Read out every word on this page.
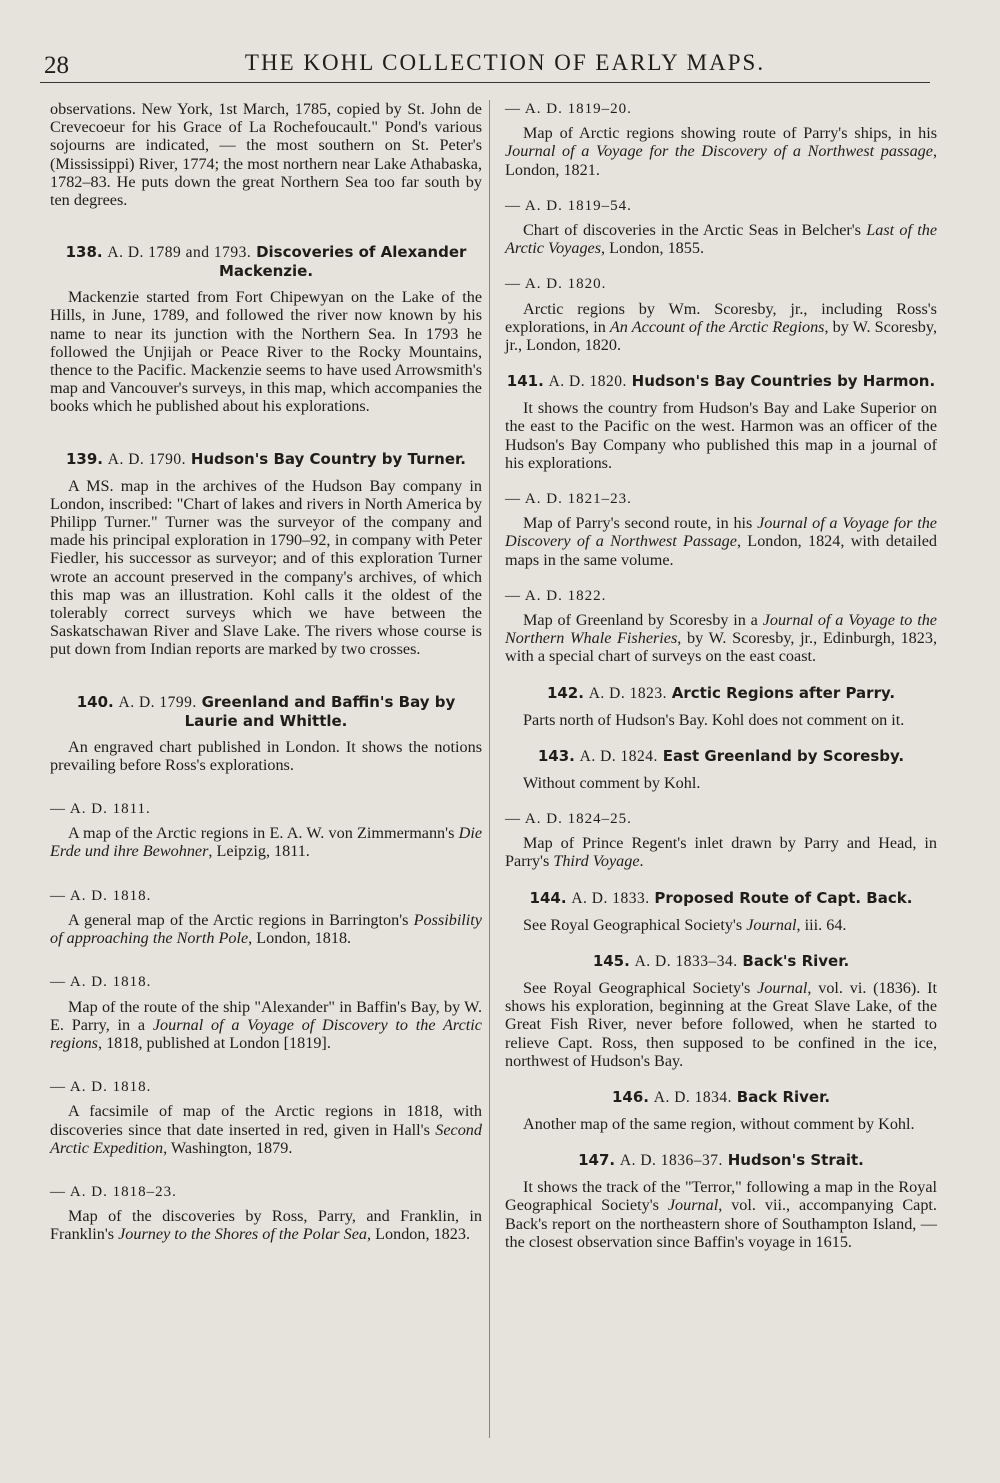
28	THE KOHL COLLECTION OF EARLY MAPS.

observations. New York, 1st March, 1785, copied by St. John de Crevecoeur for his Grace of La Rochefoucault." Pond's various sojourns are indicated, — the most southern on St. Peter's (Mississippi) River, 1774; the most northern near Lake Athabaska, 1782–83. He puts down the great Northern Sea too far south by ten degrees.

138. A. D. 1789 and 1793. Discoveries of Alexander Mackenzie.

Mackenzie started from Fort Chipewyan on the Lake of the Hills, in June, 1789, and followed the river now known by his name to near its junction with the Northern Sea. In 1793 he followed the Unjijah or Peace River to the Rocky Mountains, thence to the Pacific. Mackenzie seems to have used Arrowsmith's map and Vancouver's surveys, in this map, which accompanies the books which he published about his explorations.

139. A. D. 1790. Hudson's Bay Country by Turner.

A MS. map in the archives of the Hudson Bay company in London, inscribed: "Chart of lakes and rivers in North America by Philipp Turner." Turner was the surveyor of the company and made his principal exploration in 1790–92, in company with Peter Fiedler, his successor as surveyor; and of this exploration Turner wrote an account preserved in the company's archives, of which this map was an illustration. Kohl calls it the oldest of the tolerably correct surveys which we have between the Saskatschawan River and Slave Lake. The rivers whose course is put down from Indian reports are marked by two crosses.

140. A. D. 1799. Greenland and Baffin's Bay by Laurie and Whittle.

An engraved chart published in London. It shows the notions prevailing before Ross's explorations.

— A. D. 1811.

A map of the Arctic regions in E. A. W. von Zimmermann's Die Erde und ihre Bewohner, Leipzig, 1811.

— A. D. 1818.

A general map of the Arctic regions in Barrington's Possibility of approaching the North Pole, London, 1818.

— A. D. 1818.

Map of the route of the ship "Alexander" in Baffin's Bay, by W. E. Parry, in a Journal of a Voyage of Discovery to the Arctic regions, 1818, published at London [1819].

— A. D. 1818.

A facsimile of map of the Arctic regions in 1818, with discoveries since that date inserted in red, given in Hall's Second Arctic Expedition, Washington, 1879.

— A. D. 1818–23.

Map of the discoveries by Ross, Parry, and Franklin, in Franklin's Journey to the Shores of the Polar Sea, London, 1823.

— A. D. 1819–20.

Map of Arctic regions showing route of Parry's ships, in his Journal of a Voyage for the Discovery of a Northwest passage, London, 1821.

— A. D. 1819–54.

Chart of discoveries in the Arctic Seas in Belcher's Last of the Arctic Voyages, London, 1855.

— A. D. 1820.

Arctic regions by Wm. Scoresby, jr., including Ross's explorations, in An Account of the Arctic Regions, by W. Scoresby, jr., London, 1820.

141. A. D. 1820. Hudson's Bay Countries by Harmon.

It shows the country from Hudson's Bay and Lake Superior on the east to the Pacific on the west. Harmon was an officer of the Hudson's Bay Company who published this map in a journal of his explorations.

— A. D. 1821–23.

Map of Parry's second route, in his Journal of a Voyage for the Discovery of a Northwest Passage, London, 1824, with detailed maps in the same volume.

— A. D. 1822.

Map of Greenland by Scoresby in a Journal of a Voyage to the Northern Whale Fisheries, by W. Scoresby, jr., Edinburgh, 1823, with a special chart of surveys on the east coast.

142. A. D. 1823. Arctic Regions after Parry.

Parts north of Hudson's Bay. Kohl does not comment on it.

143. A. D. 1824. East Greenland by Scoresby.

Without comment by Kohl.

— A. D. 1824–25.

Map of Prince Regent's inlet drawn by Parry and Head, in Parry's Third Voyage.

144. A. D. 1833. Proposed Route of Capt. Back.

See Royal Geographical Society's Journal, iii. 64.

145. A. D. 1833–34. Back's River.

See Royal Geographical Society's Journal, vol. vi. (1836). It shows his exploration, beginning at the Great Slave Lake, of the Great Fish River, never before followed, when he started to relieve Capt. Ross, then supposed to be confined in the ice, northwest of Hudson's Bay.

146. A. D. 1834. Back River.

Another map of the same region, without comment by Kohl.

147. A. D. 1836–37. Hudson's Strait.

It shows the track of the "Terror," following a map in the Royal Geographical Society's Journal, vol. vii., accompanying Capt. Back's report on the northeastern shore of Southampton Island, — the closest observation since Baffin's voyage in 1615.
